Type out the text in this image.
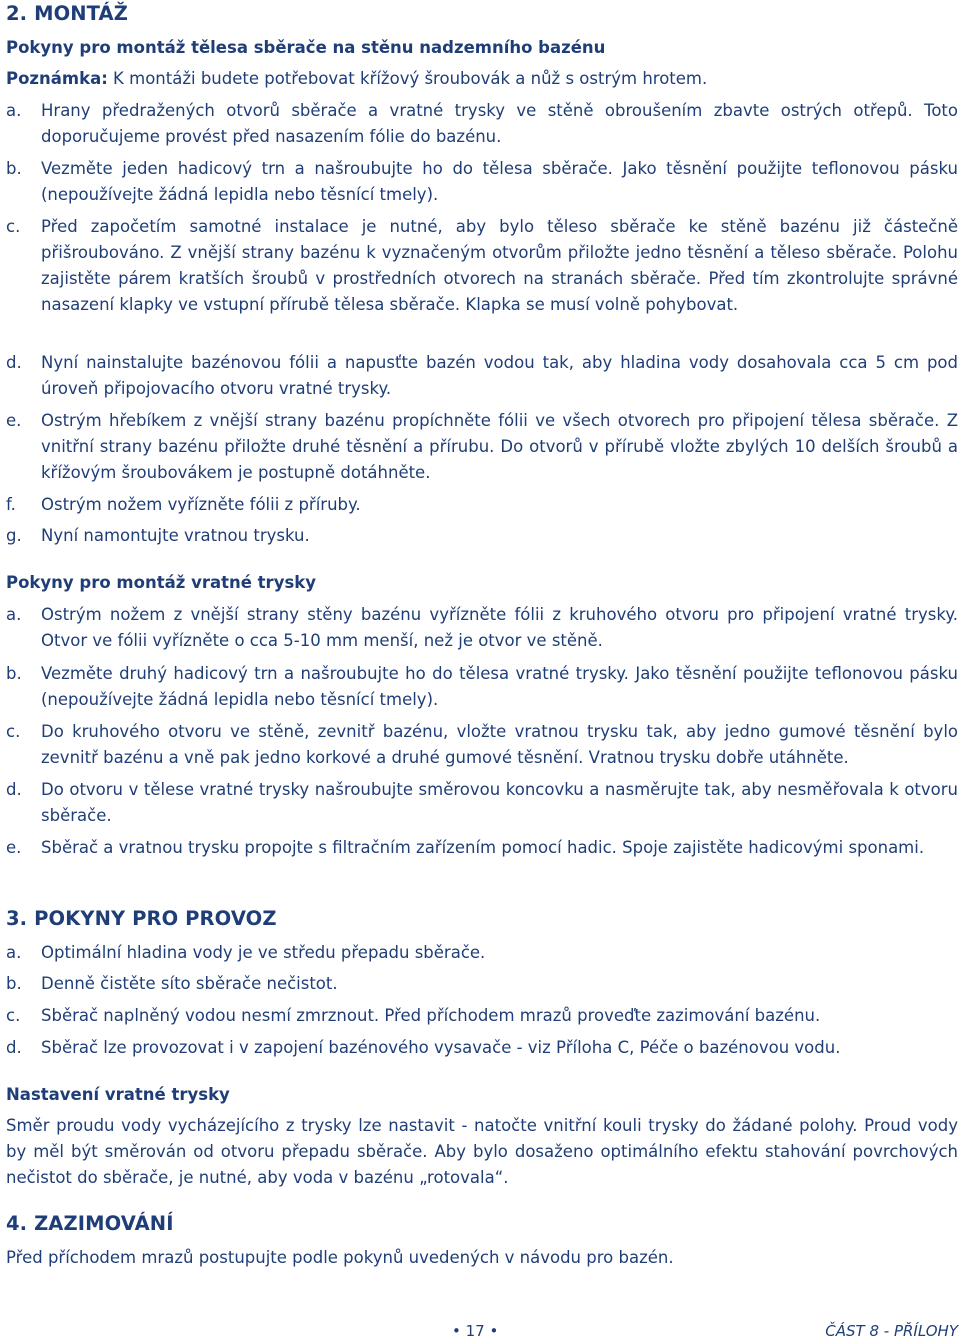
2. MONTÁŽ
Pokyny pro montáž tělesa sběrače na stěnu nadzemního bazénu
Poznámka: K montáži budete potřebovat křížový šroubovák a nůž s ostrým hrotem.
a. Hrany předražených otvorů sběrače a vratné trysky ve stěně obroušením zbavte ostrých otřepů. Toto doporučujeme provést před nasazením fólie do bazénu.
b. Vezměte jeden hadicový trn a našroubujte ho do tělesa sběrače. Jako těsnění použijte teflonovou pásku (nepoužívejte žádná lepidla nebo těsnící tmely).
c. Před započetím samotné instalace je nutné, aby bylo těleso sběrače ke stěně bazénu již částečně přišroubováno. Z vnější strany bazénu k vyznačeným otvorům přiložte jedno těsnění a těleso sběrače. Polohu zajistěte párem kratších šroubů v prostředních otvorech na stranách sběrače. Před tím zkontrolujte správné nasazení klapky ve vstupní přírubě tělesa sběrače. Klapka se musí volně pohybovat.
d. Nyní nainstalujte bazénovou fólii a napusťte bazén vodou tak, aby hladina vody dosahovala cca 5 cm pod úroveň připojovacího otvoru vratné trysky.
e. Ostrým hřebíkem z vnější strany bazénu propíchněte fólii ve všech otvorech pro připojení tělesa sběrače. Z vnitřní strany bazénu přiložte druhé těsnění a přírubu. Do otvorů v přírubě vložte zbylých 10 delších šroubů a křížovým šroubovákem je postupně dotáhněte.
f. Ostrým nožem vyřízněte fólii z příruby.
g. Nyní namontujte vratnou trysku.
Pokyny pro montáž vratné trysky
a. Ostrým nožem z vnější strany stěny bazénu vyřízněte fólii z kruhového otvoru pro připojení vratné trysky. Otvor ve fólii vyřízněte o cca 5-10 mm menší, než je otvor ve stěně.
b. Vezměte druhý hadicový trn a našroubujte ho do tělesa vratné trysky. Jako těsnění použijte teflonovou pásku (nepoužívejte žádná lepidla nebo těsnící tmely).
c. Do kruhového otvoru ve stěně, zevnitř bazénu, vložte vratnou trysku tak, aby jedno gumové těsnění bylo zevnitř bazénu a vně pak jedno korkové a druhé gumové těsnění. Vratnou trysku dobře utáhněte.
d. Do otvoru v tělese vratné trysky našroubujte směrovou koncovku a nasměrujte tak, aby nesměřovala k otvoru sběrače.
e. Sběrač a vratnou trysku propojte s filtračním zařízením pomocí hadic. Spoje zajistěte hadicovými sponami.
3. POKYNY PRO PROVOZ
a. Optimální hladina vody je ve středu přepadu sběrače.
b. Denně čistěte síto sběrače nečistot.
c. Sběrač naplněný vodou nesmí zmrznout. Před příchodem mrazů proveďte zazimování bazénu.
d. Sběrač lze provozovat i v zapojení bazénového vysavače - viz Příloha C, Péče o bazénovou vodu.
Nastavení vratné trysky
Směr proudu vody vycházejícího z trysky lze nastavit - natočte vnitřní kouli trysky do žádané polohy. Proud vody by měl být směrován od otvoru přepadu sběrače. Aby bylo dosaženo optimálního efektu stahování povrchových nečistot do sběrače, je nutné, aby voda v bazénu „rotovala“.
4. ZAZIMOVÁNÍ
Před příchodem mrazů postupujte podle pokynů uvedených v návodu pro bazén.
• 17 •	ČÁST 8 - PŘÍLOHY
